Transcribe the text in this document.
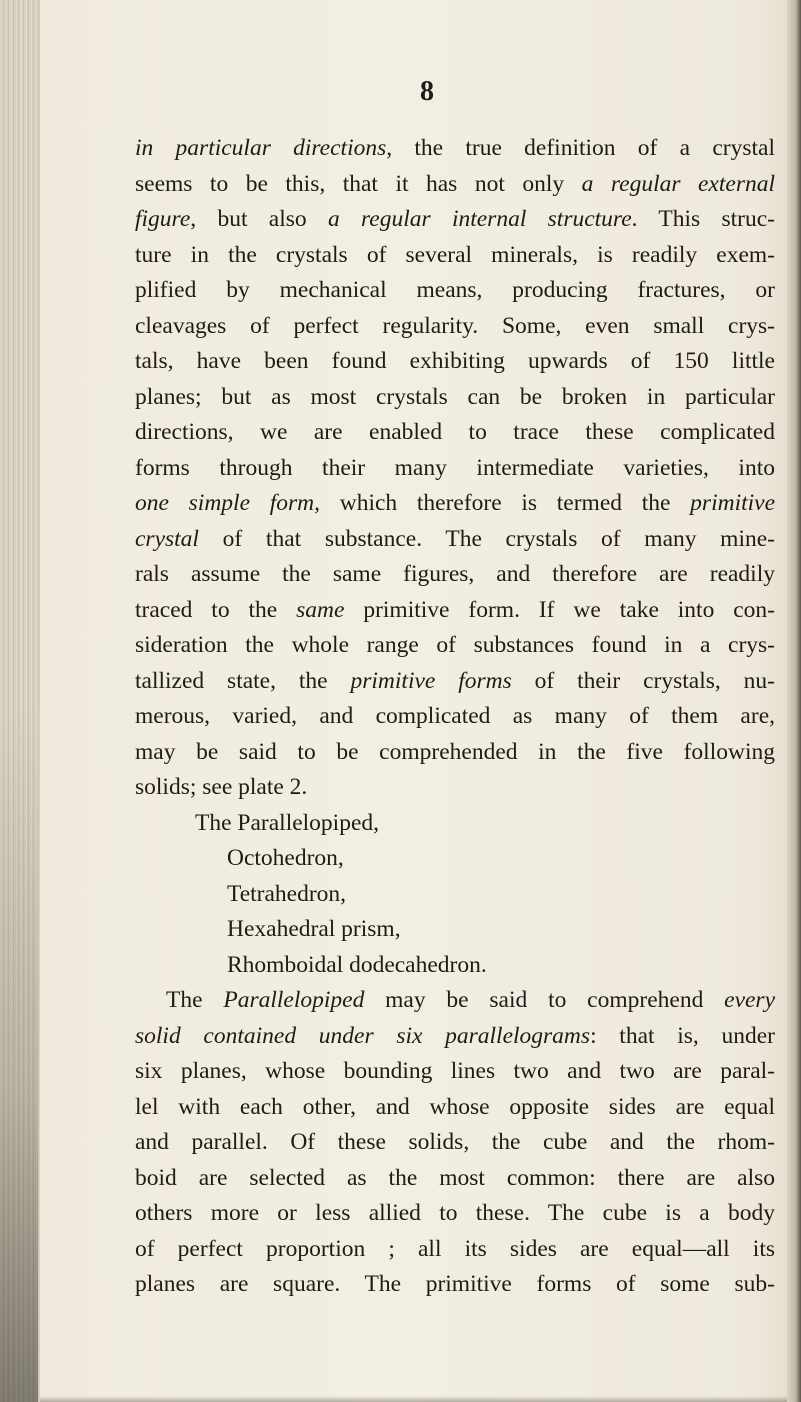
8

in particular directions, the true definition of a crystal
seems to be this, that it has not only a regular external
figure, but also a regular internal structure. This struc-
ture in the crystals of several minerals, is readily exem-
plified by mechanical means, producing fractures, or
cleavages of perfect regularity. Some, even small crys-
tals, have been found exhibiting upwards of 150 little
planes; but as most crystals can be broken in particular
directions, we are enabled to trace these complicated
forms through their many intermediate varieties, into
one simple form, which therefore is termed the primitive
crystal of that substance. The crystals of many mine-
rals assume the same figures, and therefore are readily
traced to the same primitive form. If we take into con-
sideration the whole range of substances found in a crys-
tallized state, the primitive forms of their crystals, nu-
merous, varied, and complicated as many of them are,
may be said to be comprehended in the five following
solids; see plate 2.

The Parallelopiped,
Octohedron,
Tetrahedron,
Hexahedral prism,
Rhomboidal dodecahedron.

The Parallelopiped may be said to comprehend every
solid contained under six parallelograms: that is, under
six planes, whose bounding lines two and two are paral-
lel with each other, and whose opposite sides are equal
and parallel. Of these solids, the cube and the rhom-
boid are selected as the most common: there are also
others more or less allied to these. The cube is a body
of perfect proportion ; all its sides are equal—all its
planes are square. The primitive forms of some sub-
